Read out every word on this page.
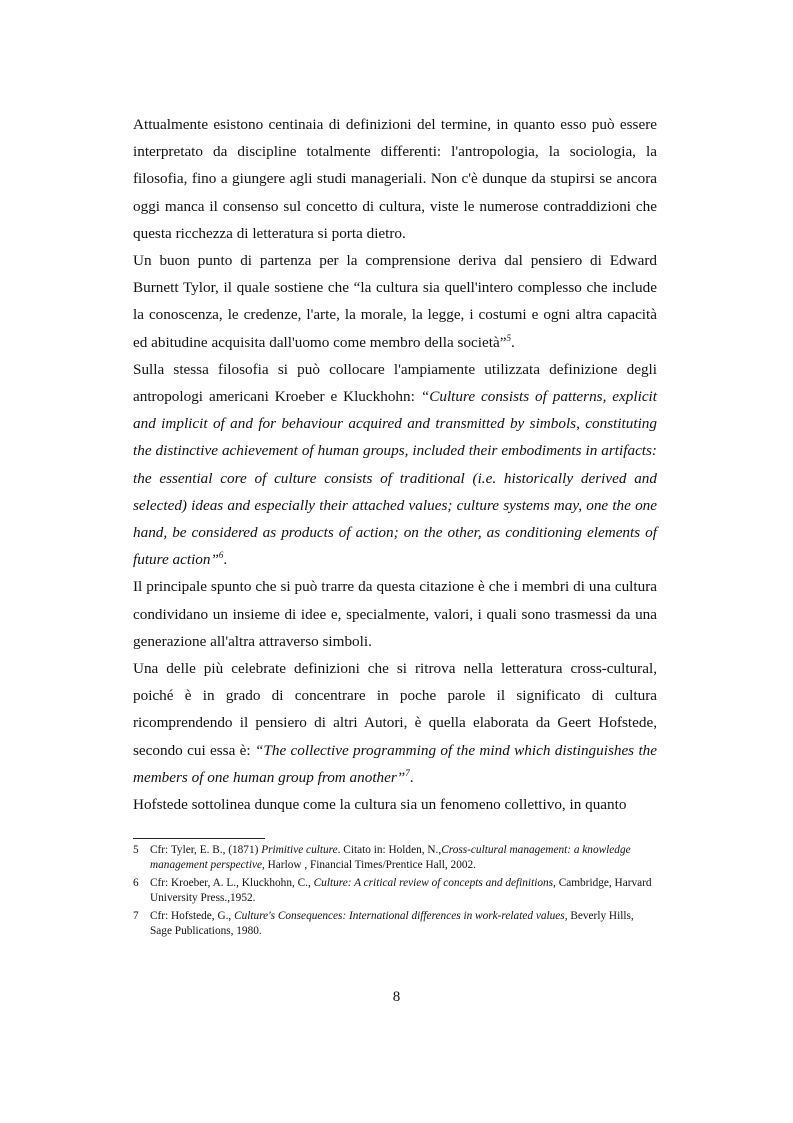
Attualmente esistono centinaia di definizioni del termine, in quanto esso può essere interpretato da discipline totalmente differenti: l'antropologia, la sociologia, la filosofia, fino a giungere agli studi manageriali. Non c'è dunque da stupirsi se ancora oggi manca il consenso sul concetto di cultura, viste le numerose contraddizioni che questa ricchezza di letteratura si porta dietro.

Un buon punto di partenza per la comprensione deriva dal pensiero di Edward Burnett Tylor, il quale sostiene che “la cultura sia quell'intero complesso che include la conoscenza, le credenze, l'arte, la morale, la legge, i costumi e ogni altra capacità ed abitudine acquisita dall'uomo come membro della società”$^5$.

Sulla stessa filosofia si può collocare l'ampiamente utilizzata definizione degli antropologi americani Kroeber e Kluckhohn: “Culture consists of patterns, explicit and implicit of and for behaviour acquired and transmitted by simbols, constituting the distinctive achievement of human groups, included their embodiments in artifacts: the essential core of culture consists of traditional (i.e. historically derived and selected) ideas and especially their attached values; culture systems may, one the one hand, be considered as products of action; on the other, as conditioning elements of future action”$^6$.

Il principale spunto che si può trarre da questa citazione è che i membri di una cultura condividano un insieme di idee e, specialmente, valori, i quali sono trasmessi da una generazione all'altra attraverso simboli.

Una delle più celebrate definizioni che si ritrova nella letteratura cross-cultural, poiché è in grado di concentrare in poche parole il significato di cultura ricomprendendo il pensiero di altri Autori, è quella elaborata da Geert Hofstede, secondo cui essa è: “The collective programming of the mind which distinguishes the members of one human group from another”$^7$.

Hofstede sottolinea dunque come la cultura sia un fenomeno collettivo, in quanto

5	Cfr: Tyler, E. B., (1871) Primitive culture. Citato in: Holden, N.,Cross-cultural management: a knowledge management perspective, Harlow , Financial Times/Prentice Hall, 2002.
6	Cfr: Kroeber, A. L., Kluckhohn, C., Culture: A critical review of concepts and definitions, Cambridge, Harvard University Press.,1952.
7	Cfr: Hofstede, G., Culture's Consequences: International differences in work-related values, Beverly Hills, Sage Publications, 1980.
8
